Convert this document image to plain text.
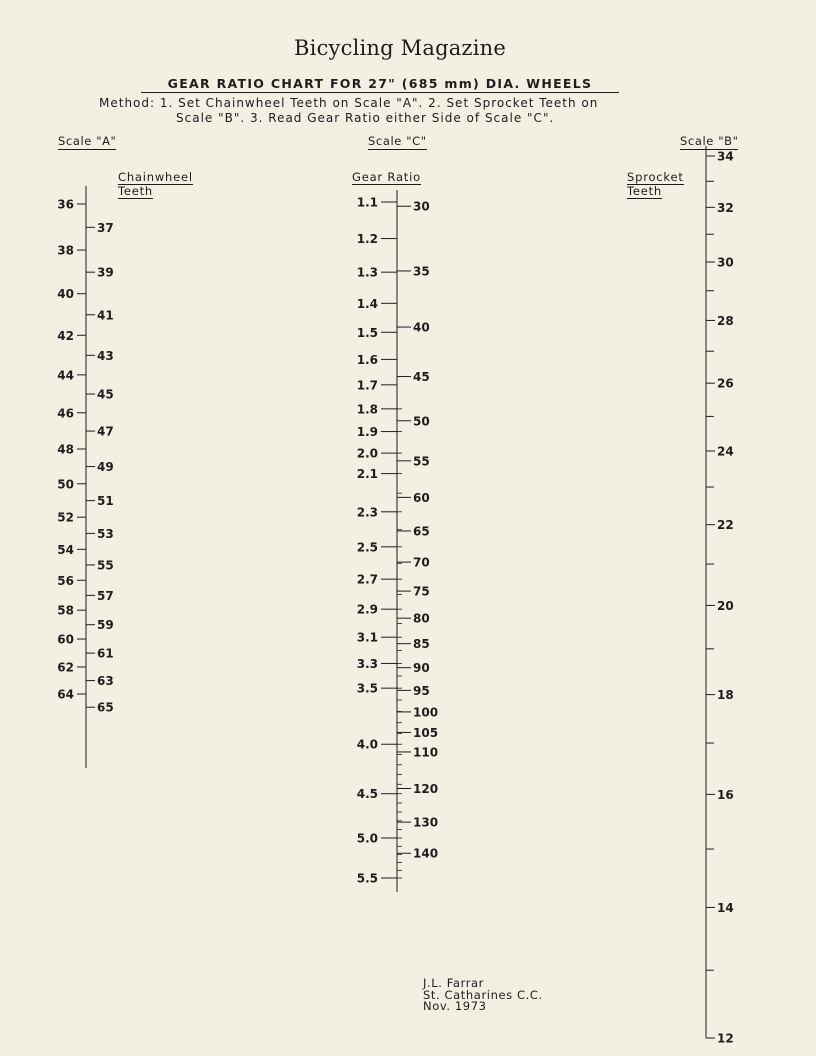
Bicycling Magazine
GEAR RATIO CHART FOR 27" (685 mm) DIA. WHEELS
Method: 1. Set Chainwheel Teeth on Scale "A". 2. Set Sprocket Teeth on
Scale "B". 3. Read Gear Ratio either Side of Scale "C".
Scale "A"	Scale "C"	Scale "B"
Chainwheel
Teeth
Gear Ratio	Sprocket
Teeth
36
38
40
42
44
46
48
50
52
54
56
58
60
62
64
37
39
41
43
45
47
49
51
53
55
57
59
61
63
65
34
32
30
28
26
24
22
20
18
16
14
12
1.1
1.2
1.3
1.4
1.5
1.6
1.7
1.8
1.9
2.0
2.1
2.3
2.5
2.7
2.9
3.1
3.3
3.5
4.0
4.5
5.0
5.5
30
35
40
45
50
55
60
65
70
75
80
85
90
95
100
105
110
120
130
140
J.L. Farrar
St. Catharines C.C.
Nov. 1973
